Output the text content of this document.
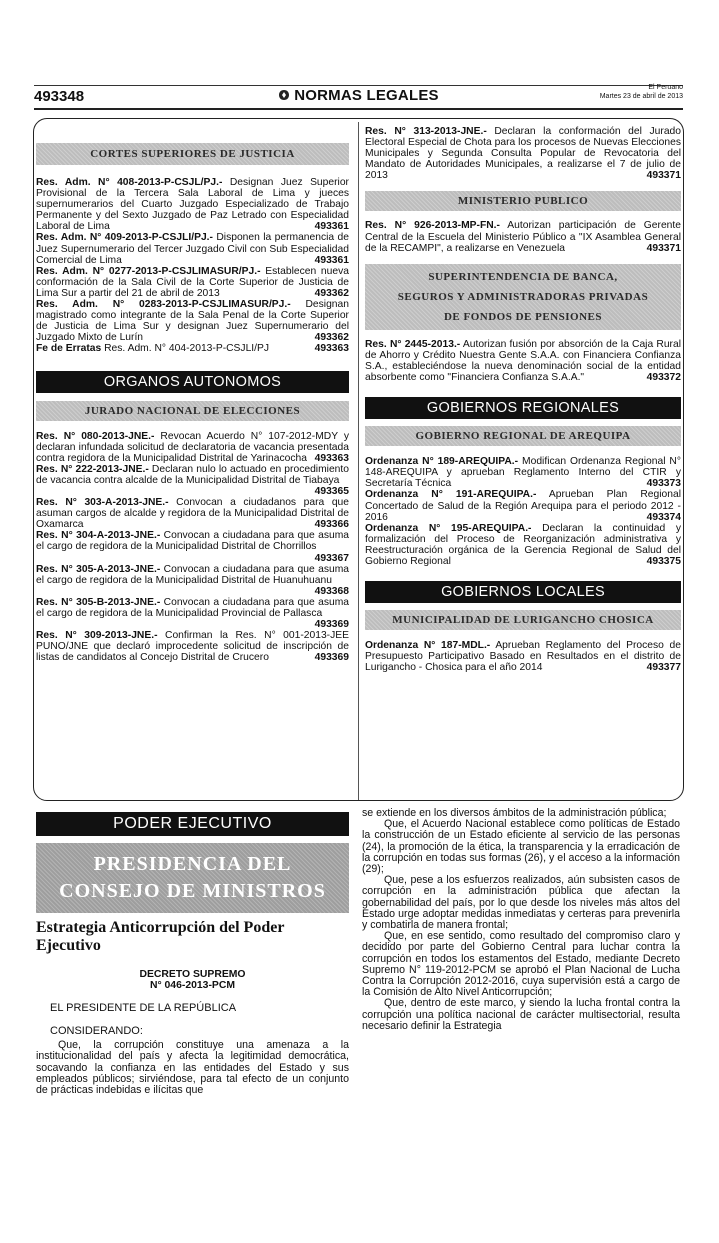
493348	NORMAS LEGALES	El Peruano
Martes 23 de abril de 2013
CORTES SUPERIORES DE JUSTICIA
Res. Adm. N° 408-2013-P-CSJL/PJ.- Designan Juez Superior Provisional de la Tercera Sala Laboral de Lima y jueces supernumerarios del Cuarto Juzgado Especializado de Trabajo Permanente y del Sexto Juzgado de Paz Letrado con Especialidad Laboral de Lima	493361
Res. Adm. N° 409-2013-P-CSJLI/PJ.- Disponen la permanencia de Juez Supernumerario del Tercer Juzgado Civil con Sub Especialidad Comercial de Lima	493361
Res. Adm. N° 0277-2013-P-CSJLIMASUR/PJ.- Establecen nueva conformación de la Sala Civil de la Corte Superior de Justicia de Lima Sur a partir del 21 de abril de 2013	493362
Res. Adm. N° 0283-2013-P-CSJLIMASUR/PJ.- Designan magistrado como integrante de la Sala Penal de la Corte Superior de Justicia de Lima Sur y designan Juez Supernumerario del Juzgado Mixto de Lurín	493362
Fe de Erratas Res. Adm. N° 404-2013-P-CSJLI/PJ	493363
ORGANOS AUTONOMOS
JURADO NACIONAL DE ELECCIONES
Res. N° 080-2013-JNE.- Revocan Acuerdo N° 107-2012-MDY y declaran infundada solicitud de declaratoria de vacancia presentada contra regidora de la Municipalidad Distrital de Yarinacocha 493363
Res. N° 222-2013-JNE.- Declaran nulo lo actuado en procedimiento de vacancia contra alcalde de la Municipalidad Distrital de Tiabaya
493365
Res. N° 303-A-2013-JNE.- Convocan a ciudadanos para que asuman cargos de alcalde y regidora de la Municipalidad Distrital de Oxamarca	493366
Res. N° 304-A-2013-JNE.- Convocan a ciudadana para que asuma el cargo de regidora de la Municipalidad Distrital de Chorrillos
493367
Res. N° 305-A-2013-JNE.- Convocan a ciudadana para que asuma el cargo de regidora de la Municipalidad Distrital de Huanuhuanu
493368
Res. N° 305-B-2013-JNE.- Convocan a ciudadana para que asuma el cargo de regidora de la Municipalidad Provincial de Pallasca
493369
Res. N° 309-2013-JNE.- Confirman la Res. N° 001-2013-JEE PUNO/JNE que declaró improcedente solicitud de inscripción de listas de candidatos al Concejo Distrital de Crucero	493369
Res. N° 313-2013-JNE.- Declaran la conformación del Jurado Electoral Especial de Chota para los procesos de Nuevas Elecciones Municipales y Segunda Consulta Popular de Revocatoria del Mandato de Autoridades Municipales, a realizarse el 7 de julio de 2013	493371
MINISTERIO PUBLICO
Res. N° 926-2013-MP-FN.- Autorizan participación de Gerente Central de la Escuela del Ministerio Público a "IX Asamblea General de la RECAMPI", a realizarse en Venezuela	493371
SUPERINTENDENCIA DE BANCA,
SEGUROS Y ADMINISTRADORAS PRIVADAS
DE FONDOS DE PENSIONES
Res. N° 2445-2013.- Autorizan fusión por absorción de la Caja Rural de Ahorro y Crédito Nuestra Gente S.A.A. con Financiera Confianza S.A., estableciéndose la nueva denominación social de la entidad absorbente como "Financiera Confianza S.A.A."	493372
GOBIERNOS REGIONALES
GOBIERNO REGIONAL DE AREQUIPA
Ordenanza N° 189-AREQUIPA.- Modifican Ordenanza Regional N° 148-AREQUIPA y aprueban Reglamento Interno del CTIR y Secretaría Técnica	493373
Ordenanza N° 191-AREQUIPA.- Aprueban Plan Regional Concertado de Salud de la Región Arequipa para el periodo 2012 - 2016	493374
Ordenanza N° 195-AREQUIPA.- Declaran la continuidad y formalización del Proceso de Reorganización administrativa y Reestructuración orgánica de la Gerencia Regional de Salud del Gobierno Regional	493375
GOBIERNOS LOCALES
MUNICIPALIDAD DE LURIGANCHO CHOSICA
Ordenanza N° 187-MDL.- Aprueban Reglamento del Proceso de Presupuesto Participativo Basado en Resultados en el distrito de Lurigancho - Chosica para el año 2014	493377
PODER EJECUTIVO
PRESIDENCIA DEL
CONSEJO DE MINISTROS
Estrategia Anticorrupción del Poder Ejecutivo
DECRETO SUPREMO
N° 046-2013-PCM
EL PRESIDENTE DE LA REPÚBLICA
CONSIDERANDO:
Que, la corrupción constituye una amenaza a la institucionalidad del país y afecta la legitimidad democrática, socavando la confianza en las entidades del Estado y sus empleados públicos; sirviéndose, para tal efecto de un conjunto de prácticas indebidas e ilícitas que
se extiende en los diversos ámbitos de la administración pública;
Que, el Acuerdo Nacional establece como políticas de Estado la construcción de un Estado eficiente al servicio de las personas (24), la promoción de la ética, la transparencia y la erradicación de la corrupción en todas sus formas (26), y el acceso a la información (29);
Que, pese a los esfuerzos realizados, aún subsisten casos de corrupción en la administración pública que afectan la gobernabilidad del país, por lo que desde los niveles más altos del Estado urge adoptar medidas inmediatas y certeras para prevenirla y combatirla de manera frontal;
Que, en ese sentido, como resultado del compromiso claro y decidido por parte del Gobierno Central para luchar contra la corrupción en todos los estamentos del Estado, mediante Decreto Supremo N° 119-2012-PCM se aprobó el Plan Nacional de Lucha Contra la Corrupción 2012-2016, cuya supervisión está a cargo de la Comisión de Alto Nivel Anticorrupción;
Que, dentro de este marco, y siendo la lucha frontal contra la corrupción una política nacional de carácter multisectorial, resulta necesario definir la Estrategia
